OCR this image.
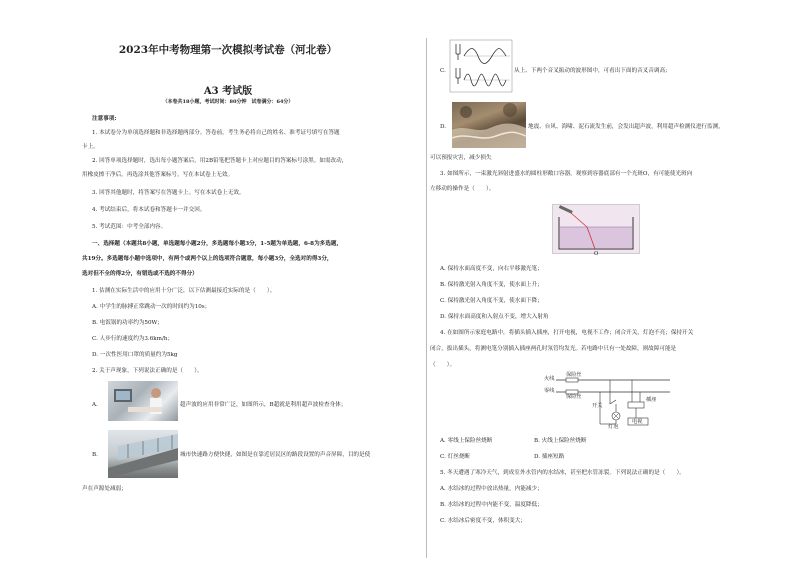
2023年中考物理第一次模拟考试卷（河北卷）
A3 考试版
（本卷共18小题，考试时间：80分钟　试卷满分：64分）
注意事项:
1. 本试卷分为单项选择题和非选择题两部分。答卷前，考生务必将自己的姓名、准考证号填写在答题
卡上。
2. 回答单项选择题时，选出每小题答案后，用2B铅笔把答题卡上对应题目的答案标号涂黑。如需改动，
用橡皮擦干净后，再选涂其他答案标号。写在本试卷上无效。
3. 回答其他题时，将答案写在答题卡上。写在本试卷上无效。
4. 考试结束后，将本试卷和答题卡一并交回。
5. 考试范围：中考全部内容。
一、选择题（本题共8小题，单选题每小题2分，多选题每小题3分，1-5题为单选题，6-8为多选题，
共19分。多选题每小题中选项中，有两个或两个以上的选项符合题意，每小题3分，全选对的得3分，
选对但不全的得2分，有错选或不选的不得分）
1. 估测在实际生活中的应用十分广泛，以下估测最接近实际的是（　　）。
A. 中学生的脉搏正常跳动一次的时间约为10s；
B. 电饭锅的功率约为50W；
C. 人步行的速度约为3.6km/h；
D. 一次性医用口罩的质量约为5kg
2. 关于声现象，下列说法正确的是（　　）。
A.	超声波的应用非常广泛，如图所示，B超就是利用超声波检查身体；
B.	城市快速路方便快捷，如图是在靠近居民区的路段设置的声音屏障，目的是使
声在声源处减弱；
C.	从上、下两个音叉振动的波形图中，可看出下面的音叉音调高；
D.	地震、台风、海啸、泥石流发生前，会发出超声波，利用超声检测仪进行监测，
可以预报灾害，减少损失
3. 如图所示，一束激光斜射进盛水的圆柱形敞口容器，观察到容器底部有一个光斑O，有可能使光斑向
左移动的操作是（　　）。
O
A. 保持水面高度不变，向右平移激光笔；
B. 保持激光射入角度不变，使水面上升；
C. 保持激光射入角度不变，使水面下降；
D. 保持水面高度和入射点不变，增大入射角
4. 在如图所示家庭电路中，将插头插入插座，打开电视，电视不工作；闭合开关，灯泡不亮；保持开关
闭合，拔出插头，将测电笔分别插入插座两孔时氖管均发光。若电路中只有一处故障，则故障可能是
（　　）。
火线
保险丝
零线
保险丝
开关
灯泡
插座
电视
A. 零线上保险丝烧断	B. 火线上保险丝烧断
C. 灯丝烧断	D. 插座短路
5. 冬天遭遇了寒冷天气，到成室外水管内的水结冰，甚至把水管冻裂。下列说法正确的是（　　）。
A. 水结冰的过程中放出热量，内能减少；
B. 水结冰的过程中内能不变，温度降低；
C. 水结冰后密度不变，体积变大；
